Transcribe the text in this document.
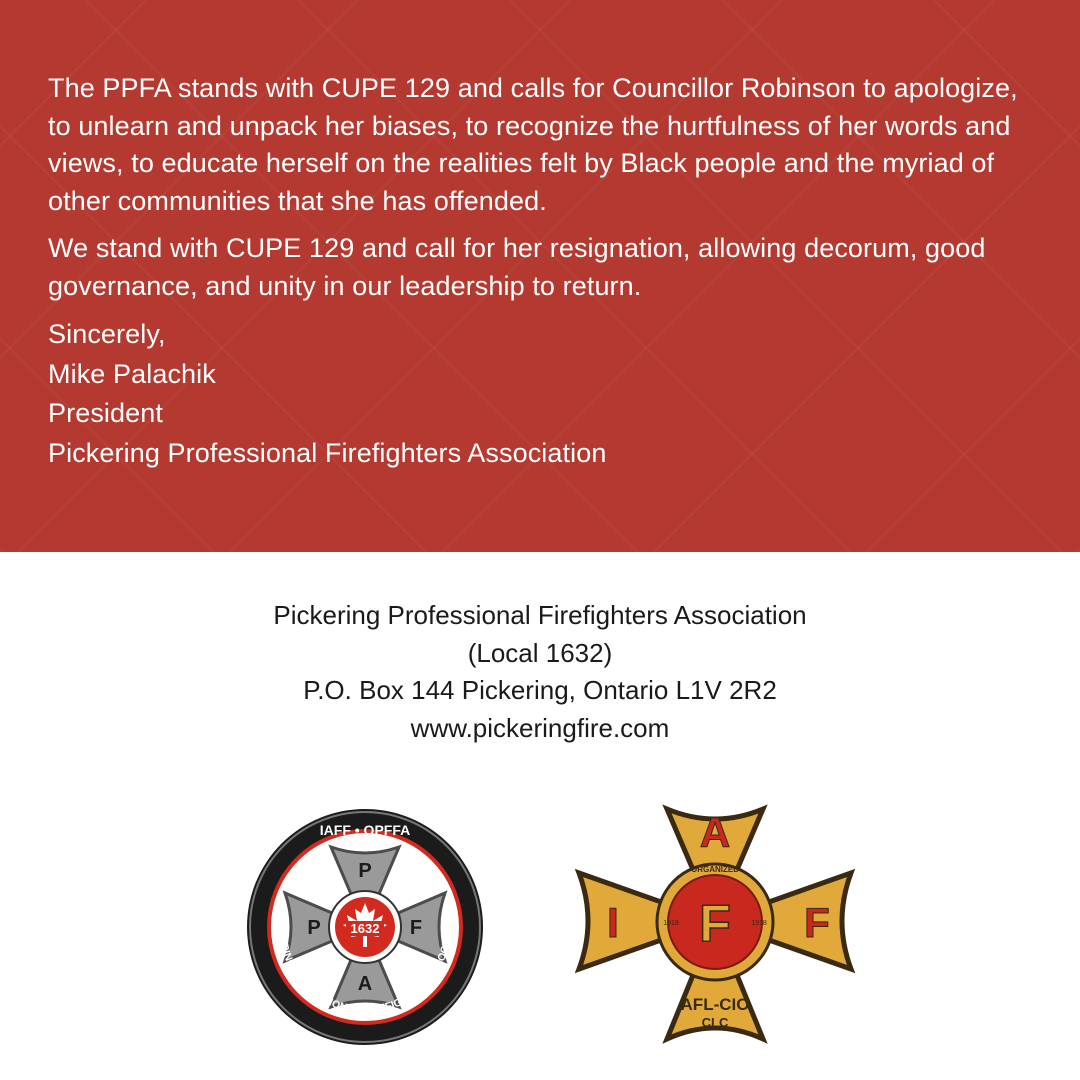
The PPFA stands with CUPE 129 and calls for Councillor Robinson to apologize, to unlearn and unpack her biases, to recognize the hurtfulness of her words and views, to educate herself on the realities felt by Black people and the myriad of other communities that she has offended.

We stand with CUPE 129 and call for her resignation, allowing decorum, good governance, and unity in our leadership to return.

Sincerely,
Mike Palachik
President
Pickering Professional Firefighters Association
Pickering Professional Firefighters Association
(Local 1632)
P.O. Box 144 Pickering, Ontario L1V 2R2
www.pickeringfire.com
1632
P
P	F
A
IAFF • OPFFA
KERING PROFESSIONAL FIREFIGHTERS ASSOCIATI
A
I F F
ORGANIZED
1918	1918
AFL-CIO
CLC
